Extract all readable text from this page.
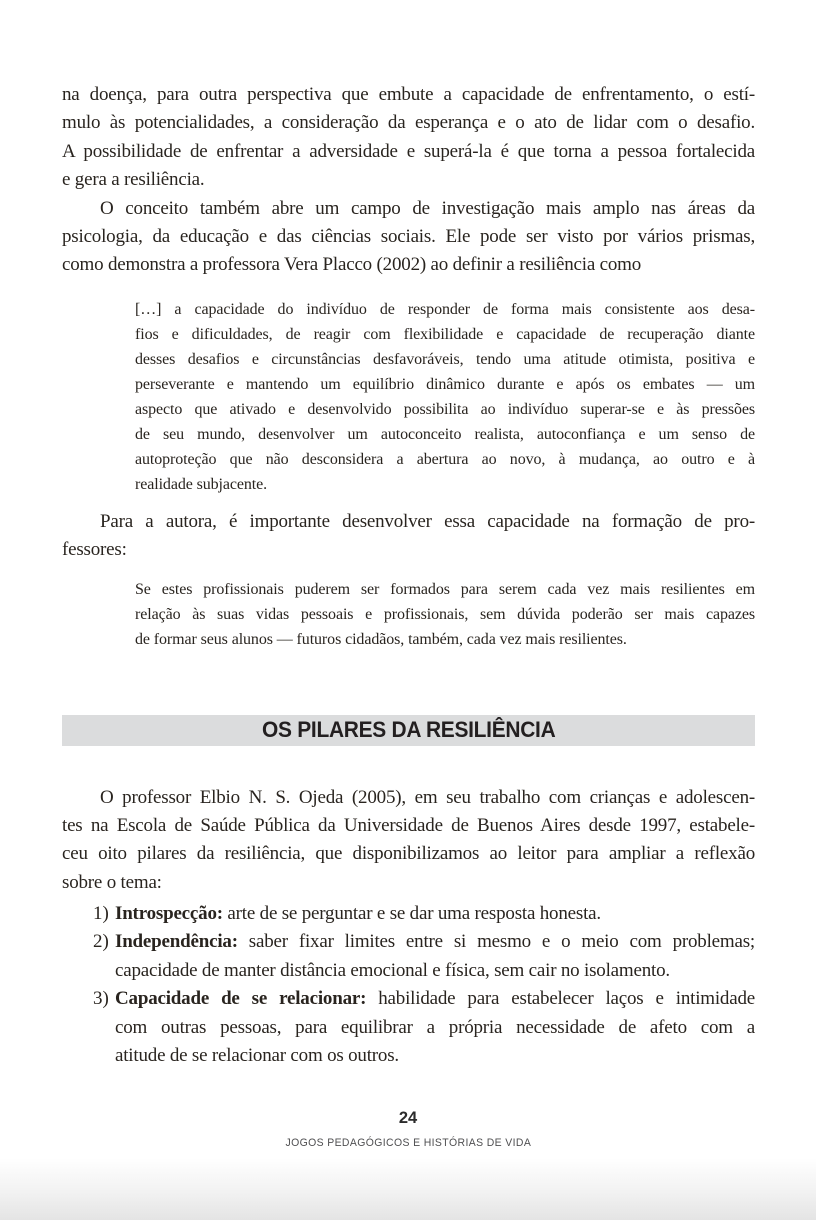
na doença, para outra perspectiva que embute a capacidade de enfrentamento, o estí-
mulo às potencialidades, a consideração da esperança e o ato de lidar com o desafio.
A possibilidade de enfrentar a adversidade e superá-la é que torna a pessoa fortalecida
e gera a resiliência.
O conceito também abre um campo de investigação mais amplo nas áreas da
psicologia, da educação e das ciências sociais. Ele pode ser visto por vários prismas,
como demonstra a professora Vera Placco (2002) ao definir a resiliência como
[…] a capacidade do indivíduo de responder de forma mais consistente aos desa-
fios e dificuldades, de reagir com flexibilidade e capacidade de recuperação diante
desses desafios e circunstâncias desfavoráveis, tendo uma atitude otimista, positiva e
perseverante e mantendo um equilíbrio dinâmico durante e após os embates — um
aspecto que ativado e desenvolvido possibilita ao indivíduo superar-se e às pressões
de seu mundo, desenvolver um autoconceito realista, autoconfiança e um senso de
autoproteção que não desconsidera a abertura ao novo, à mudança, ao outro e à
realidade subjacente.
Para a autora, é importante desenvolver essa capacidade na formação de pro-
fessores:
Se estes profissionais puderem ser formados para serem cada vez mais resilientes em
relação às suas vidas pessoais e profissionais, sem dúvida poderão ser mais capazes
de formar seus alunos — futuros cidadãos, também, cada vez mais resilientes.
OS PILARES DA RESILIÊNCIA
O professor Elbio N. S. Ojeda (2005), em seu trabalho com crianças e adolescen-
tes na Escola de Saúde Pública da Universidade de Buenos Aires desde 1997, estabele-
ceu oito pilares da resiliência, que disponibilizamos ao leitor para ampliar a reflexão
sobre o tema:
1) Introspecção: arte de se perguntar e se dar uma resposta honesta.
2) Independência: saber fixar limites entre si mesmo e o meio com problemas;
capacidade de manter distância emocional e física, sem cair no isolamento.
3) Capacidade de se relacionar: habilidade para estabelecer laços e intimidade
com outras pessoas, para equilibrar a própria necessidade de afeto com a
atitude de se relacionar com os outros.
24
JOGOS PEDAGÓGICOS E HISTÓRIAS DE VIDA
